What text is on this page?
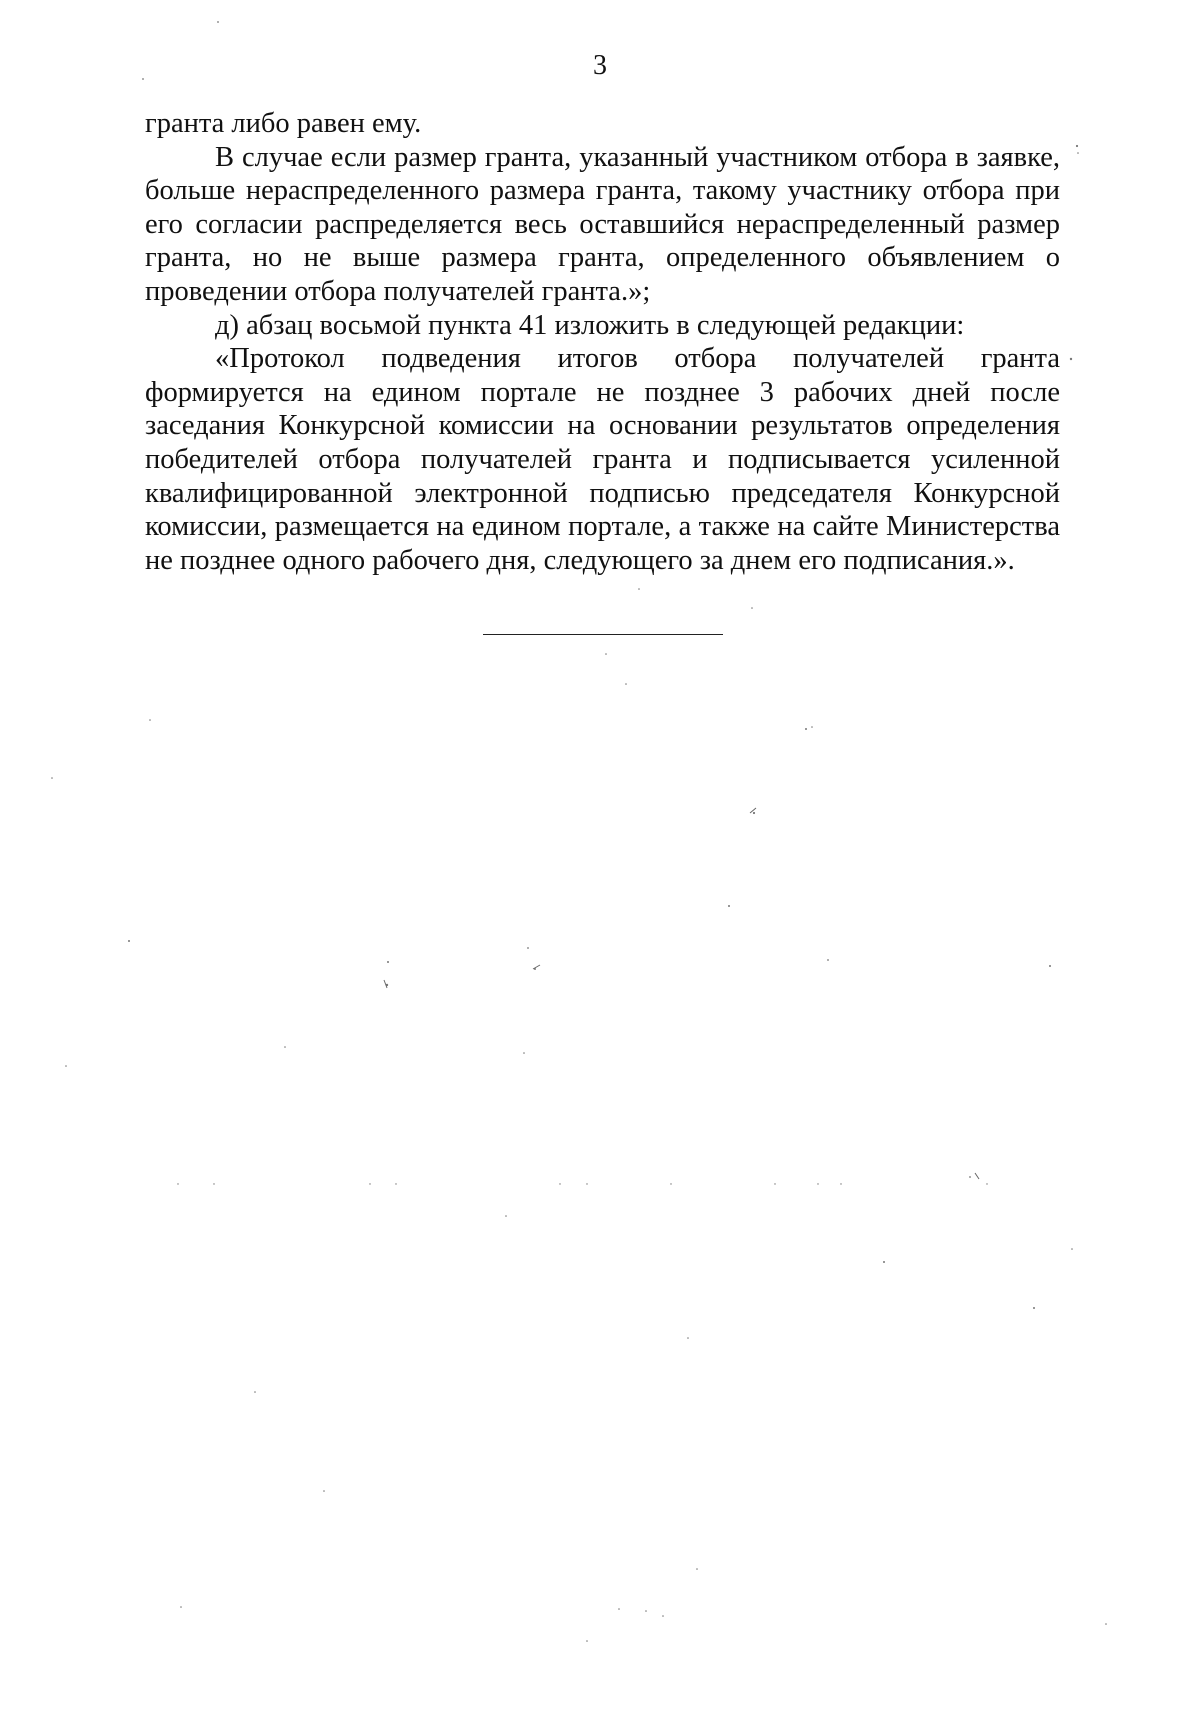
3

гранта либо равен ему.

В случае если размер гранта, указанный участником отбора в заявке, больше нераспределенного размера гранта, такому участнику отбора при его согласии распределяется весь оставшийся нераспределенный размер гранта, но не выше размера гранта, определенного объявлением о проведении отбора получателей гранта.»;

д) абзац восьмой пункта 41 изложить в следующей редакции:

«Протокол подведения итогов отбора получателей гранта формируется на едином портале не позднее 3 рабочих дней после заседания Конкурсной комиссии на основании результатов определения победителей отбора получателей гранта и подписывается усиленной квалифицированной электронной подписью председателя Конкурсной комиссии, размещается на едином портале, а также на сайте Министерства не позднее одного рабочего дня, следующего за днем его подписания.».
